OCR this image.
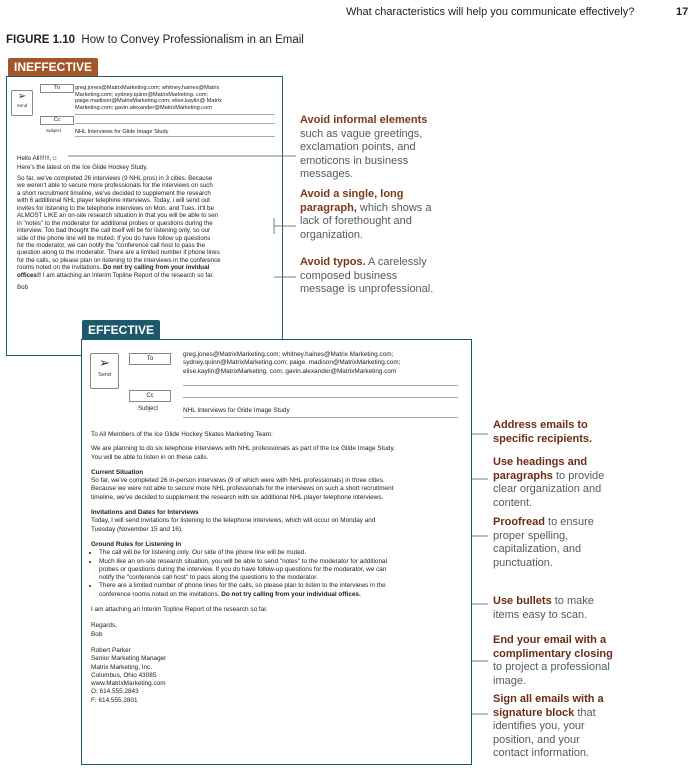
What characteristics will help you communicate effectively?	17
FIGURE 1.10 How to Convey Professionalism in an Email
INEFFECTIVE
➢
Send
To
Cc
Subject
greg.jones@MatrixMarketing.com; whitney.haines@Matrix
Marketing.com; sydney.quinn@MatrixMarketing. com;
paige.madison@MatrixMarketing.com; elise.kaylin@ Matrix
Marketing.com; gavin.alexander@MatrixMarketing.com
NHL Interviews for Glide Image Study
Hello All!!!!!!,☺
Here's the latest on the Ice Glide Hockey Study.
So far, we've completed 26 interviews (9 NHL pros) in 3 cities. Because
we weren't able to secure more professionals for the interviews on such
a short recruitment timeline, we've decided to supplement the research
with 6 additional NHL player telephine interviews. Today, i will send out
invites for listening to the telephone interviews on Mon. and Tues. It'll be
ALMOST LIKE an on-site research situation in that you will be able to sen
in "notes" to the moderator for additional probes or questions during the
interview. Too bad thought the call itself will be for listening only, so our
side of the phone line will be muted. If you do have follow up questions
for the moderator, we can notify the "conference call host to pass the
question along to the moderator. There are a limited number if phone lines
for the calls, so please plan on listening to the interviews in the conference
rooms noted on the invitations. Do not try calling from your invidual
offices!! I am attaching an Interim Topline Report of the research so far.
Bob
Avoid informal elements
such as vague greetings,
exclamation points, and
emoticons in business
messages.
Avoid a single, long
paragraph, which shows a
lack of forethought and
organization.
Avoid typos. A carelessly
composed business
message is unprofessional.
EFFECTIVE
➢
Send
To
Cc
Subject
greg.jones@MatrixMarketing.com; whitney.haines@Matrix Marketing.com;
sydney.quinn@MatrixMarketing.com; paige. madison@MatrixMarketing.com;
elise.kaylin@MatrixMarketing. com; gavin.alexander@MatrixMarketing.com
NHL Interviews for Glide Image Study
To All Members of the Ice Glide Hockey Skates Marketing Team:
We are planning to do six telephone interviews with NHL professionals as part of the Ice Glide Image Study.
You will be able to listen in on these calls.
Current Situation
So far, we've completed 26 in-person interviews (9 of which were with NHL professionals) in three cities.
Because we were not able to secure more NHL professionals for the interviews on such a short recruitment
timeline, we've decided to supplement the research with six additional NHL player telephone interviews.
Invitations and Dates for Interviews
Today, I will send invitations for listening to the telephone interviews, which will occur on Monday and
Tuesday (November 15 and 16).
Ground Rules for Listening In
• The call will be for listening only. Our side of the phone line will be muted.
• Much like an on-site research situation, you will be able to send "notes" to the moderator for additional
probes or questions during the interview. If you do have follow-up questions for the moderator, we can
notify the "conference call host" to pass along the questions to the moderator.
• There are a limited number of phone lines for the calls, so please plan to listen to the interviews in the
conference rooms noted on the invitations. Do not try calling from your individual offices.
I am attaching an Interim Topline Report of the research so far.
Regards,
Bob
Robert Parker
Senior Marketing Manager
Matrix Marketing, Inc.
Columbus, Ohio 43085
www.MatrixMarketing.com
O: 614.555.2843
F: 614.555.2801
Address emails to
specific recipients.
Use headings and
paragraphs to provide
clear organization and
content.
Proofread to ensure
proper spelling,
capitalization, and
punctuation.
Use bullets to make
items easy to scan.
End your email with a
complimentary closing
to project a professional
image.
Sign all emails with a
signature block that
identifies you, your
position, and your
contact information.
